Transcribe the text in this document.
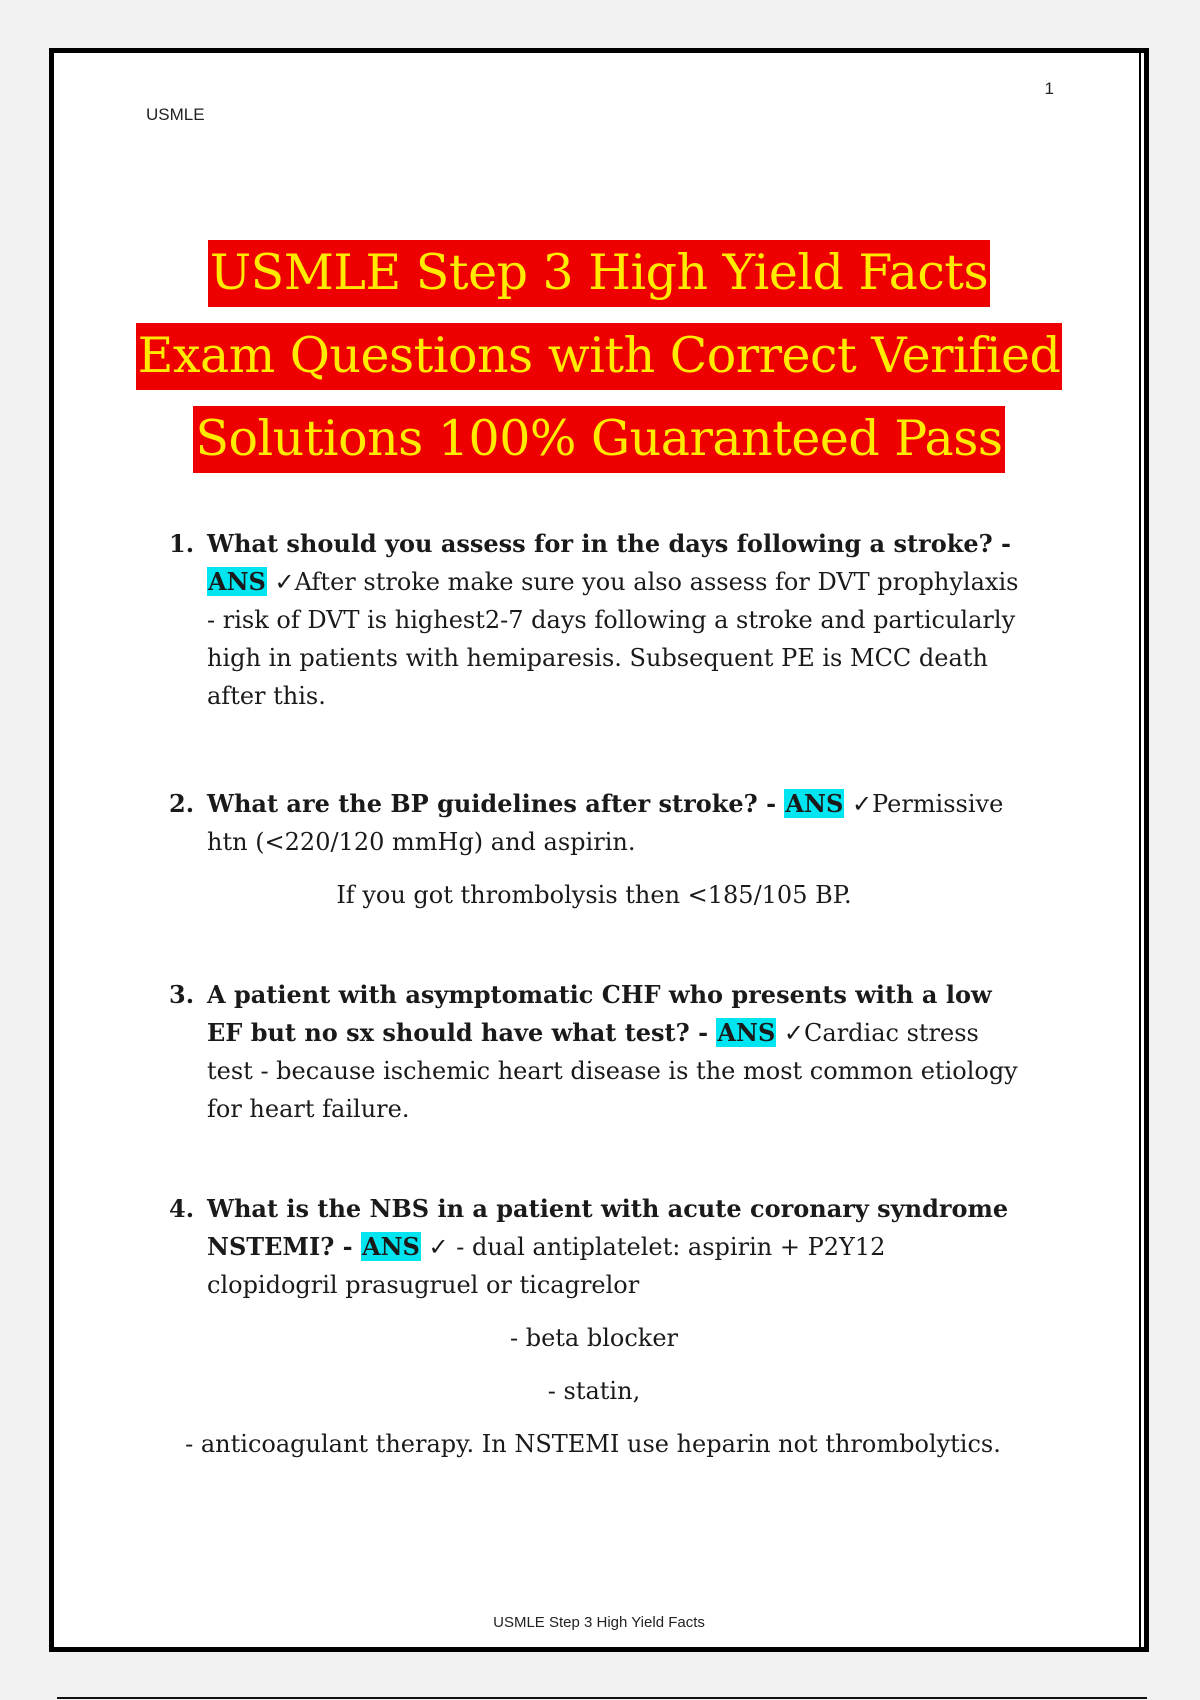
1
USMLE
USMLE Step 3 High Yield Facts
Exam Questions with Correct Verified
Solutions 100% Guaranteed Pass
1. What should you assess for in the days following a stroke? - ANS ✓After stroke make sure you also assess for DVT prophylaxis - risk of DVT is highest2-7 days following a stroke and particularly high in patients with hemiparesis. Subsequent PE is MCC death after this.
2. What are the BP guidelines after stroke? - ANS ✓Permissive htn (<220/120 mmHg) and aspirin.
If you got thrombolysis then <185/105 BP.
3. A patient with asymptomatic CHF who presents with a low EF but no sx should have what test? - ANS ✓Cardiac stress test - because ischemic heart disease is the most common etiology for heart failure.
4. What is the NBS in a patient with acute coronary syndrome NSTEMI? - ANS ✓ - dual antiplatelet: aspirin + P2Y12 clopidogril prasugruel or ticagrelor
- beta blocker
- statin,
- anticoagulant therapy. In NSTEMI use heparin not thrombolytics.
USMLE Step 3 High Yield Facts
